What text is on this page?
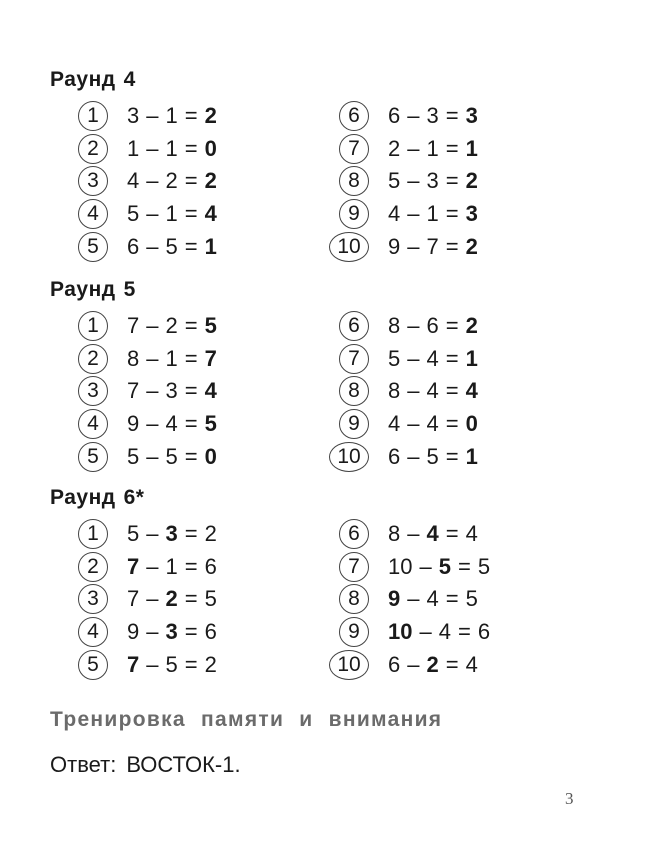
Раунд 4
1	3 – 1 = 2
2	1 – 1 = 0
3	4 – 2 = 2
4	5 – 1 = 4
5	6 – 5 = 1
6	6 – 3 = 3
7	2 – 1 = 1
8	5 – 3 = 2
9	4 – 1 = 3
10	9 – 7 = 2
Раунд 5
1	7 – 2 = 5
2	8 – 1 = 7
3	7 – 3 = 4
4	9 – 4 = 5
5	5 – 5 = 0
6	8 – 6 = 2
7	5 – 4 = 1
8	8 – 4 = 4
9	4 – 4 = 0
10	6 – 5 = 1
Раунд 6*
1	5 – 3 = 2
2	7 – 1 = 6
3	7 – 2 = 5
4	9 – 3 = 6
5	7 – 5 = 2
6	8 – 4 = 4
7	10 – 5 = 5
8	9 – 4 = 5
9	10 – 4 = 6
10	6 – 2 = 4
Тренировка памяти и внимания
Ответ: ВОСТОК-1.
3
